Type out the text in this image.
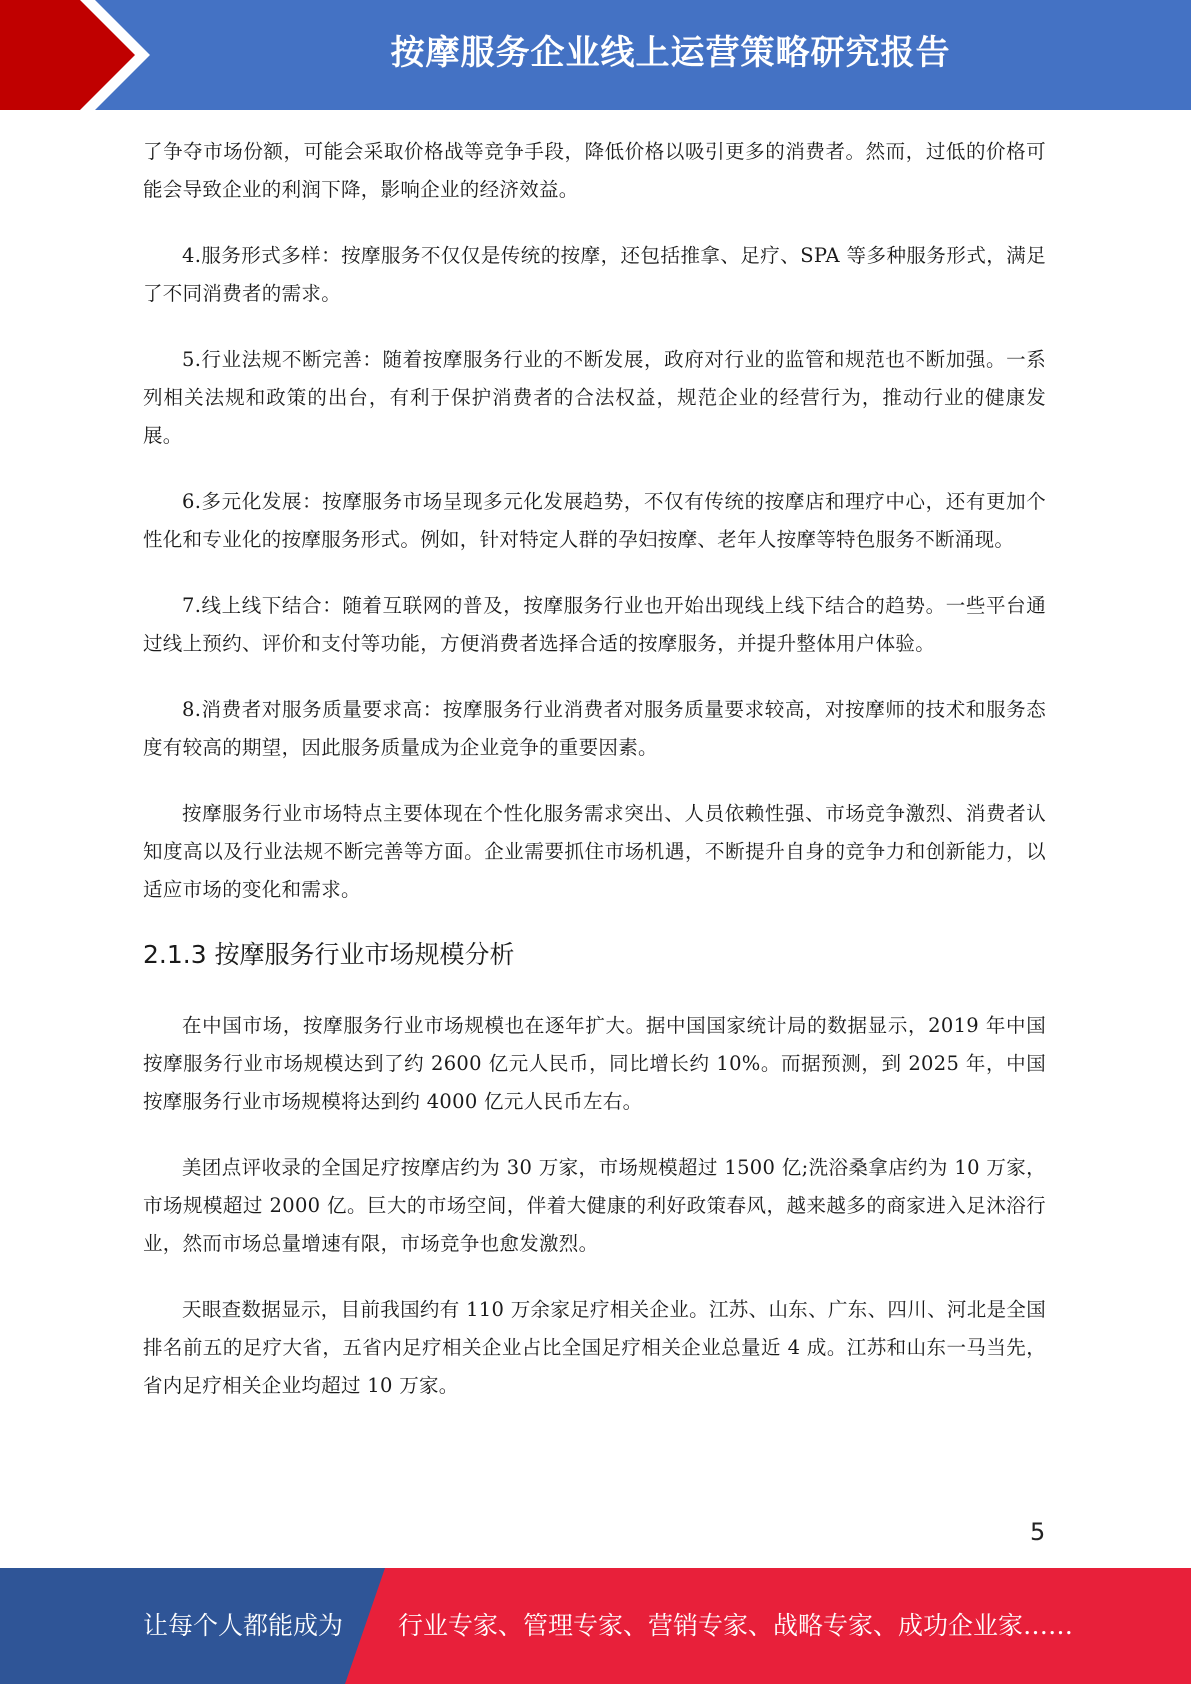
按摩服务企业线上运营策略研究报告

了争夺市场份额，可能会采取价格战等竞争手段，降低价格以吸引更多的消费者。然而，过低的价格可能会导致企业的利润下降，影响企业的经济效益。

4.服务形式多样：按摩服务不仅仅是传统的按摩，还包括推拿、足疗、SPA 等多种服务形式，满足了不同消费者的需求。

5.行业法规不断完善：随着按摩服务行业的不断发展，政府对行业的监管和规范也不断加强。一系列相关法规和政策的出台，有利于保护消费者的合法权益，规范企业的经营行为，推动行业的健康发展。

6.多元化发展：按摩服务市场呈现多元化发展趋势，不仅有传统的按摩店和理疗中心，还有更加个性化和专业化的按摩服务形式。例如，针对特定人群的孕妇按摩、老年人按摩等特色服务不断涌现。

7.线上线下结合：随着互联网的普及，按摩服务行业也开始出现线上线下结合的趋势。一些平台通过线上预约、评价和支付等功能，方便消费者选择合适的按摩服务，并提升整体用户体验。

8.消费者对服务质量要求高：按摩服务行业消费者对服务质量要求较高，对按摩师的技术和服务态度有较高的期望，因此服务质量成为企业竞争的重要因素。

按摩服务行业市场特点主要体现在个性化服务需求突出、人员依赖性强、市场竞争激烈、消费者认知度高以及行业法规不断完善等方面。企业需要抓住市场机遇，不断提升自身的竞争力和创新能力，以适应市场的变化和需求。

2.1.3 按摩服务行业市场规模分析

在中国市场，按摩服务行业市场规模也在逐年扩大。据中国国家统计局的数据显示，2019 年中国按摩服务行业市场规模达到了约 2600 亿元人民币，同比增长约 10%。而据预测，到 2025 年，中国按摩服务行业市场规模将达到约 4000 亿元人民币左右。

美团点评收录的全国足疗按摩店约为 30 万家，市场规模超过 1500 亿;洗浴桑拿店约为 10 万家，市场规模超过 2000 亿。巨大的市场空间，伴着大健康的利好政策春风，越来越多的商家进入足沐浴行业，然而市场总量增速有限，市场竞争也愈发激烈。

天眼查数据显示，目前我国约有 110 万余家足疗相关企业。江苏、山东、广东、四川、河北是全国排名前五的足疗大省，五省内足疗相关企业占比全国足疗相关企业总量近 4 成。江苏和山东一马当先，省内足疗相关企业均超过 10 万家。

5
让每个人都能成为 行业专家、管理专家、营销专家、战略专家、成功企业家……
